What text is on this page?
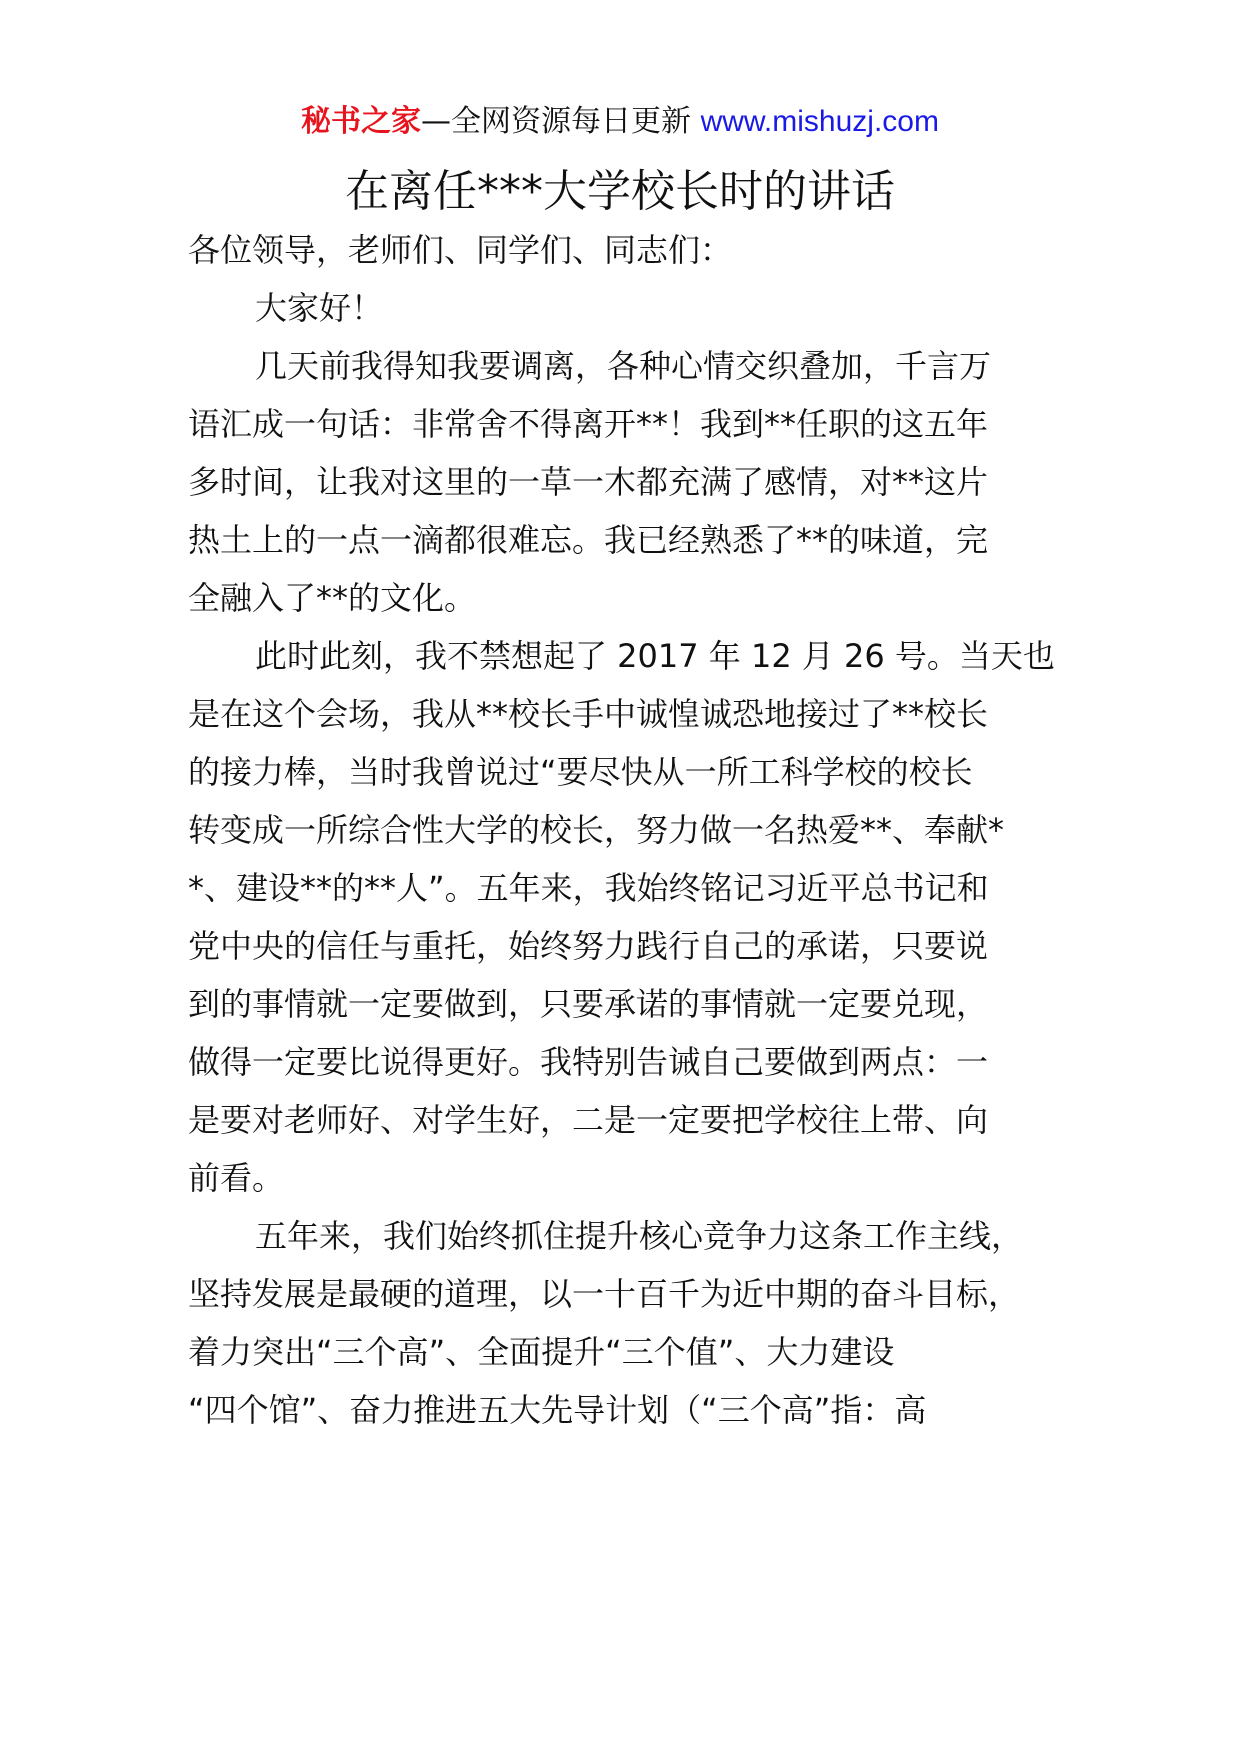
秘书之家—全网资源每日更新 www.mishuzj.com
在离任***大学校长时的讲话
各位领导，老师们、同学们、同志们：
大家好！
几天前我得知我要调离，各种心情交织叠加，千言万
语汇成一句话：非常舍不得离开**！我到**任职的这五年
多时间，让我对这里的一草一木都充满了感情，对**这片
热土上的一点一滴都很难忘。我已经熟悉了**的味道，完
全融入了**的文化。
此时此刻，我不禁想起了 2017 年 12 月 26 号。当天也
是在这个会场，我从**校长手中诚惶诚恐地接过了**校长
的接力棒，当时我曾说过“要尽快从一所工科学校的校长
转变成一所综合性大学的校长，努力做一名热爱**、奉献*
*、建设**的**人”。五年来，我始终铭记习近平总书记和
党中央的信任与重托，始终努力践行自己的承诺，只要说
到的事情就一定要做到，只要承诺的事情就一定要兑现，
做得一定要比说得更好。我特别告诫自己要做到两点：一
是要对老师好、对学生好，二是一定要把学校往上带、向
前看。
五年来，我们始终抓住提升核心竞争力这条工作主线，
坚持发展是最硬的道理，以一十百千为近中期的奋斗目标，
着力突出“三个高”、全面提升“三个值”、大力建设
“四个馆”、奋力推进五大先导计划（“三个高”指：高
